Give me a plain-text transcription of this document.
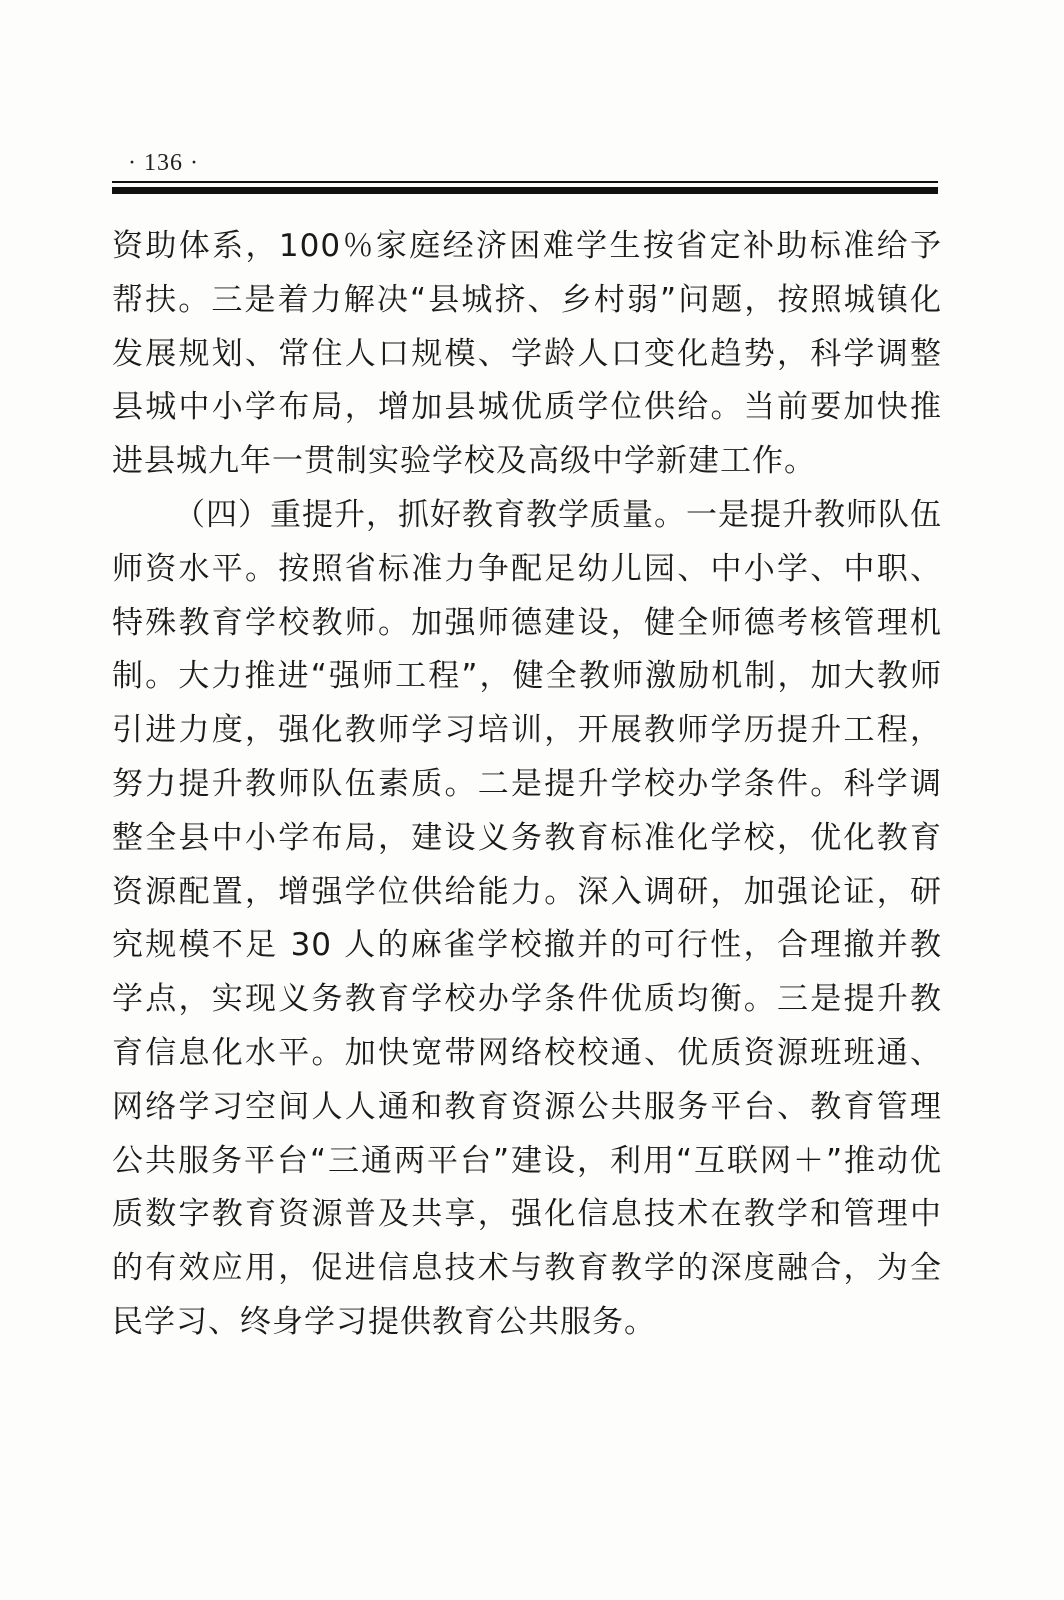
· 136 ·

资助体系，100％家庭经济困难学生按省定补助标准给予帮扶。三是着力解决“县城挤、乡村弱”问题，按照城镇化发展规划、常住人口规模、学龄人口变化趋势，科学调整县城中小学布局，增加县城优质学位供给。当前要加快推进县城九年一贯制实验学校及高级中学新建工作。

（四）重提升，抓好教育教学质量。一是提升教师队伍师资水平。按照省标准力争配足幼儿园、中小学、中职、特殊教育学校教师。加强师德建设，健全师德考核管理机制。大力推进“强师工程”，健全教师激励机制，加大教师引进力度，强化教师学习培训，开展教师学历提升工程，努力提升教师队伍素质。二是提升学校办学条件。科学调整全县中小学布局，建设义务教育标准化学校，优化教育资源配置，增强学位供给能力。深入调研，加强论证，研究规模不足 30 人的麻雀学校撤并的可行性，合理撤并教学点，实现义务教育学校办学条件优质均衡。三是提升教育信息化水平。加快宽带网络校校通、优质资源班班通、网络学习空间人人通和教育资源公共服务平台、教育管理公共服务平台“三通两平台”建设，利用“互联网＋”推动优质数字教育资源普及共享，强化信息技术在教学和管理中的有效应用，促进信息技术与教育教学的深度融合，为全民学习、终身学习提供教育公共服务。
